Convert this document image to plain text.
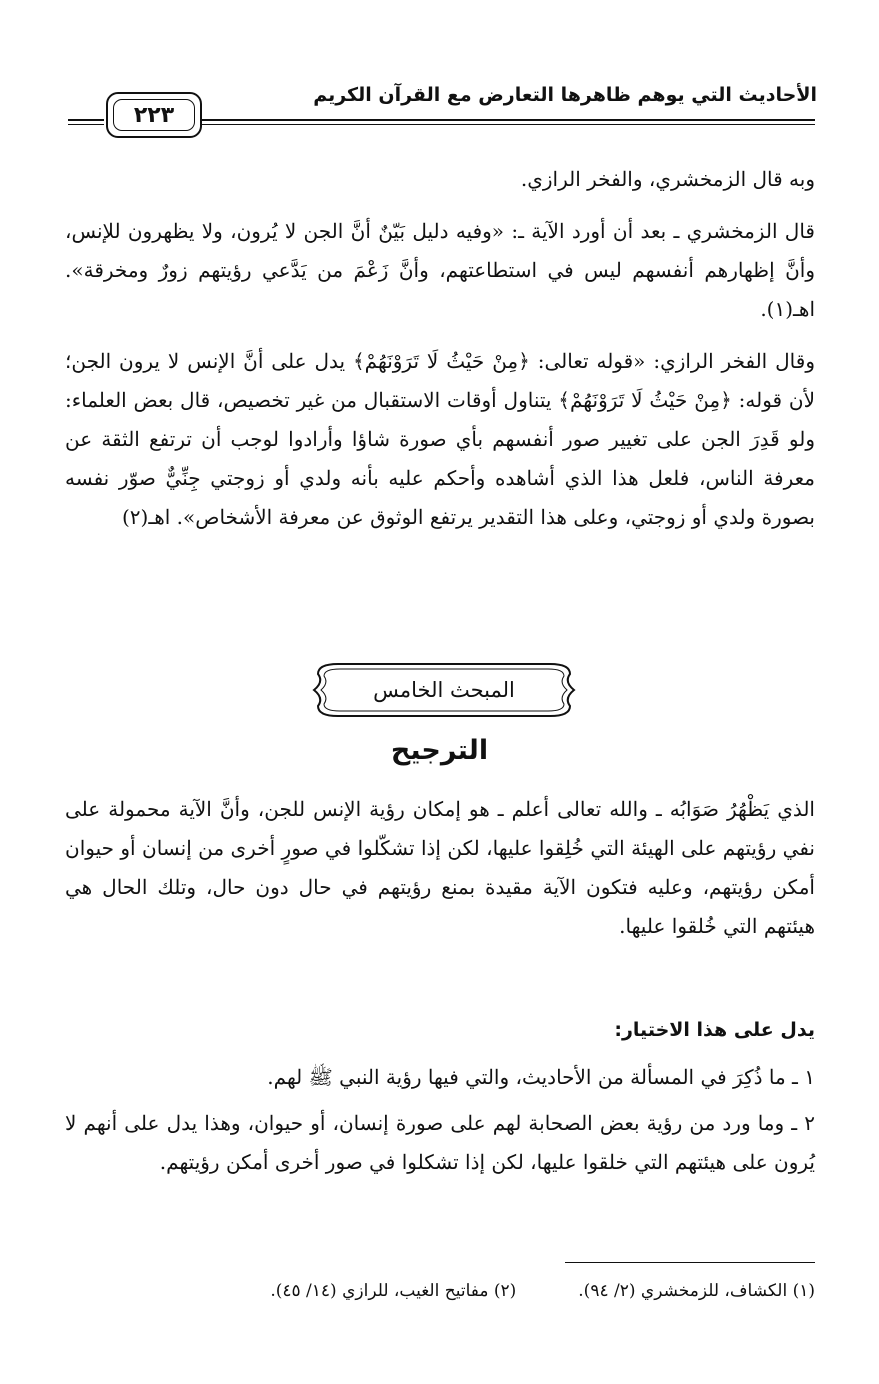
الأحاديث التي يوهم ظاهرها التعارض مع القرآن الكريم
٢٢٣

وبه قال الزمخشري، والفخر الرازي.

قال الزمخشري ـ بعد أن أورد الآية ـ: «وفيه دليل بَيّنٌ أنَّ الجن لا يُرون، ولا يظهرون للإنس، وأنَّ إظهارهم أنفسهم ليس في استطاعتهم، وأنَّ زَعْمَ من يَدَّعي رؤيتهم زورٌ ومخرقة». اهـ(١).

وقال الفخر الرازي: «قوله تعالى: ﴿مِنْ حَيْثُ لَا تَرَوْنَهُمْ﴾ يدل على أنَّ الإنس لا يرون الجن؛ لأن قوله: ﴿مِنْ حَيْثُ لَا تَرَوْنَهُمْ﴾ يتناول أوقات الاستقبال من غير تخصيص، قال بعض العلماء: ولو قَدِرَ الجن على تغيير صور أنفسهم بأي صورة شاؤا وأرادوا لوجب أن ترتفع الثقة عن معرفة الناس، فلعل هذا الذي أشاهده وأحكم عليه بأنه ولدي أو زوجتي جِنِّيٌّ صوّر نفسه بصورة ولدي أو زوجتي، وعلى هذا التقدير يرتفع الوثوق عن معرفة الأشخاص». اهـ(٢)

المبحث الخامس
الترجيح

الذي يَظْهُرُ صَوَابُه ـ والله تعالى أعلم ـ هو إمكان رؤية الإنس للجن، وأنَّ الآية محمولة على نفي رؤيتهم على الهيئة التي خُلِقوا عليها، لكن إذا تشكّلوا في صورٍ أخرى من إنسان أو حيوان أمكن رؤيتهم، وعليه فتكون الآية مقيدة بمنع رؤيتهم في حال دون حال، وتلك الحال هي هيئتهم التي خُلقوا عليها.

يدل على هذا الاختيار:

١ ـ ما ذُكِرَ في المسألة من الأحاديث، والتي فيها رؤية النبي ﷺ لهم.

٢ ـ وما ورد من رؤية بعض الصحابة لهم على صورة إنسان، أو حيوان، وهذا يدل على أنهم لا يُرون على هيئتهم التي خلقوا عليها، لكن إذا تشكلوا في صور أخرى أمكن رؤيتهم.

(١) الكشاف، للزمخشري (٢/ ٩٤).
(٢) مفاتيح الغيب، للرازي (١٤/ ٤٥).
